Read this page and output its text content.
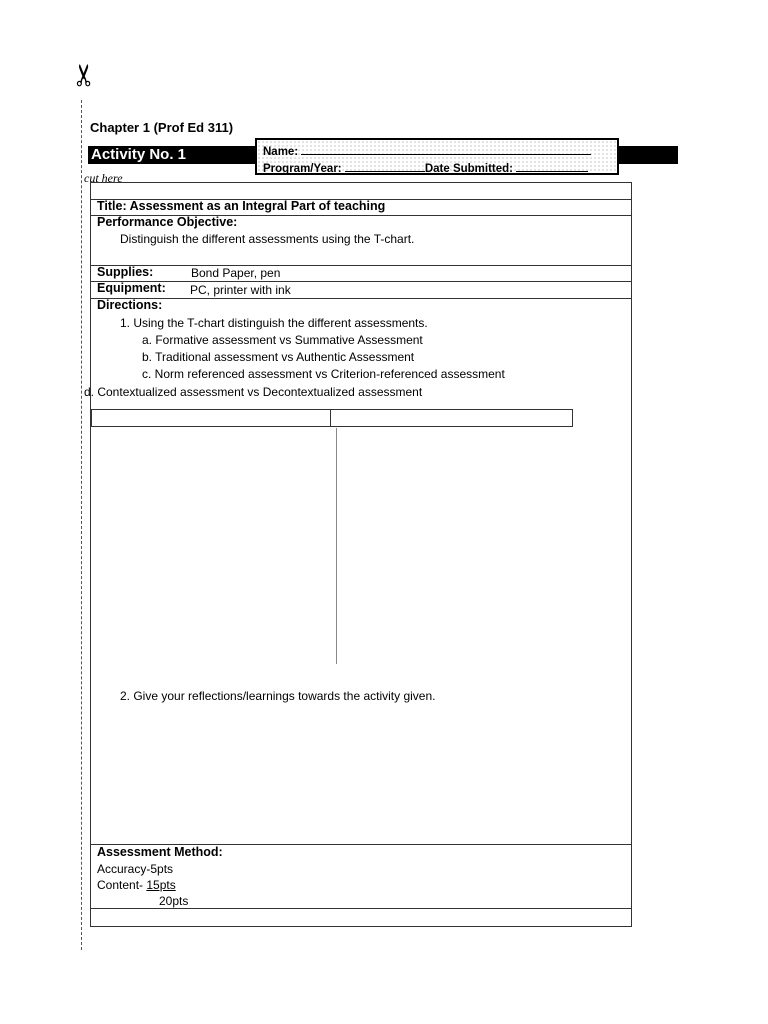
✂
Chapter 1 (Prof Ed 311)
Activity No. 1	Name:
Program/Year:	Date Submitted:
cut here
Title: Assessment as an Integral Part of teaching
Performance Objective:
Distinguish the different assessments using the T-chart.
Supplies:	Bond Paper, pen
Equipment: PC, printer with ink
Directions:
1. Using the T-chart distinguish the different assessments.
a. Formative assessment vs Summative Assessment
b. Traditional assessment vs Authentic Assessment
c. Norm referenced assessment vs Criterion-referenced assessment
d. Contextualized assessment vs Decontextualized assessment
2. Give your reflections/learnings towards the activity given.
Assessment Method:
Accuracy-5pts
Content- 15pts
20pts
